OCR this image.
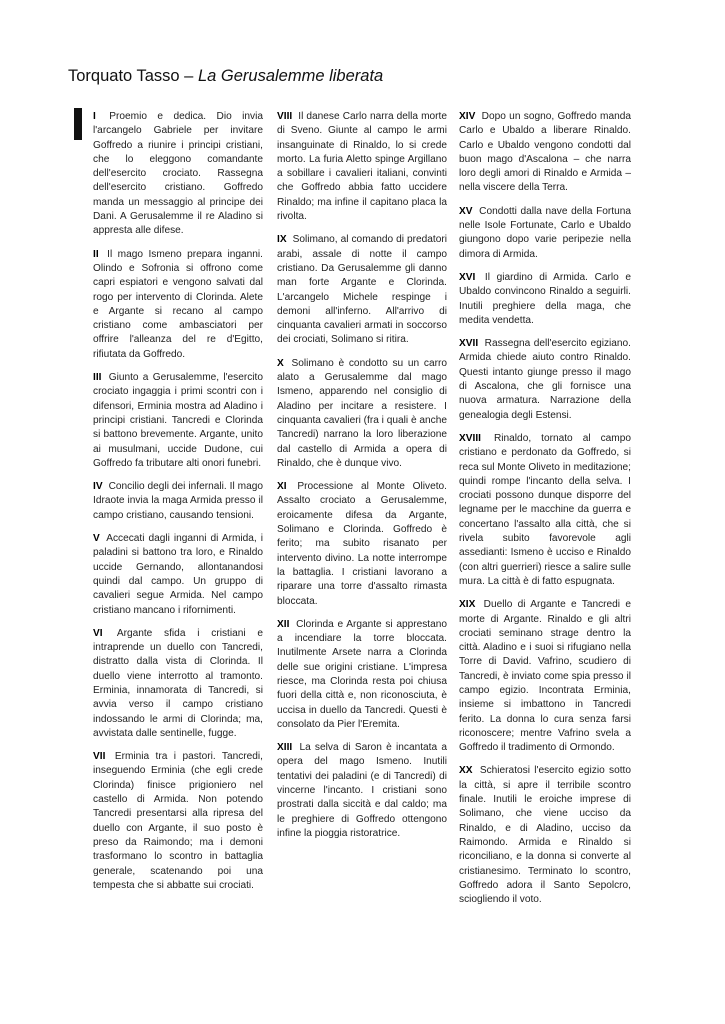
Torquato Tasso – La Gerusalemme liberata

I Proemio e dedica. Dio invia l'arcangelo Gabriele per invitare Goffredo a riunire i principi cristiani, che lo eleggono comandante dell'esercito crociato. Rassegna dell'esercito cristiano. Goffredo manda un messaggio al principe dei Dani. A Gerusalemme il re Aladino si appresta alle difese.

II Il mago Ismeno prepara inganni. Olindo e Sofronia si offrono come capri espiatori e vengono salvati dal rogo per intervento di Clorinda. Alete e Argante si recano al campo cristiano come ambasciatori per offrire l'alleanza del re d'Egitto, rifiutata da Goffredo.

III Giunto a Gerusalemme, l'esercito crociato ingaggia i primi scontri con i difensori, Erminia mostra ad Aladino i principi cristiani. Tancredi e Clorinda si battono brevemente. Argante, unito ai musulmani, uccide Dudone, cui Goffredo fa tributare alti onori funebri.

IV Concilio degli dei infernali. Il mago Idraote invia la maga Armida presso il campo cristiano, causando tensioni.

V Accecati dagli inganni di Armida, i paladini si battono tra loro, e Rinaldo uccide Gernando, allontanandosi quindi dal campo. Un gruppo di cavalieri segue Armida. Nel campo cristiano mancano i rifornimenti.

VI Argante sfida i cristiani e intraprende un duello con Tancredi, distratto dalla vista di Clorinda. Il duello viene interrotto al tramonto. Erminia, innamorata di Tancredi, si avvia verso il campo cristiano indossando le armi di Clorinda; ma, avvistata dalle sentinelle, fugge.

VII Erminia tra i pastori. Tancredi, inseguendo Erminia (che egli crede Clorinda) finisce prigioniero nel castello di Armida. Non potendo Tancredi presentarsi alla ripresa del duello con Argante, il suo posto è preso da Raimondo; ma i demoni trasformano lo scontro in battaglia generale, scatenando poi una tempesta che si abbatte sui crociati.

VIII Il danese Carlo narra della morte di Sveno. Giunte al campo le armi insanguinate di Rinaldo, lo si crede morto. La furia Aletto spinge Argillano a sobillare i cavalieri italiani, convinti che Goffredo abbia fatto uccidere Rinaldo; ma infine il capitano placa la rivolta.

IX Solimano, al comando di predatori arabi, assale di notte il campo cristiano. Da Gerusalemme gli danno man forte Argante e Clorinda. L'arcangelo Michele respinge i demoni all'inferno. All'arrivo di cinquanta cavalieri armati in soccorso dei crociati, Solimano si ritira.

X Solimano è condotto su un carro alato a Gerusalemme dal mago Ismeno, apparendo nel consiglio di Aladino per incitare a resistere. I cinquanta cavalieri (fra i quali è anche Tancredi) narrano la loro liberazione dal castello di Armida a opera di Rinaldo, che è dunque vivo.

XI Processione al Monte Oliveto. Assalto crociato a Gerusalemme, eroicamente difesa da Argante, Solimano e Clorinda. Goffredo è ferito; ma subito risanato per intervento divino. La notte interrompe la battaglia. I cristiani lavorano a riparare una torre d'assalto rimasta bloccata.

XII Clorinda e Argante si apprestano a incendiare la torre bloccata. Inutilmente Arsete narra a Clorinda delle sue origini cristiane. L'impresa riesce, ma Clorinda resta poi chiusa fuori della città e, non riconosciuta, è uccisa in duello da Tancredi. Questi è consolato da Pier l'Eremita.

XIII La selva di Saron è incantata a opera del mago Ismeno. Inutili tentativi dei paladini (e di Tancredi) di vincerne l'incanto. I cristiani sono prostrati dalla siccità e dal caldo; ma le preghiere di Goffredo ottengono infine la pioggia ristoratrice.

XIV Dopo un sogno, Goffredo manda Carlo e Ubaldo a liberare Rinaldo. Carlo e Ubaldo vengono condotti dal buon mago d'Ascalona – che narra loro degli amori di Rinaldo e Armida – nella viscere della Terra.

XV Condotti dalla nave della Fortuna nelle Isole Fortunate, Carlo e Ubaldo giungono dopo varie peripezie nella dimora di Armida.

XVI Il giardino di Armida. Carlo e Ubaldo convincono Rinaldo a seguirli. Inutili preghiere della maga, che medita vendetta.

XVII Rassegna dell'esercito egiziano. Armida chiede aiuto contro Rinaldo. Questi intanto giunge presso il mago di Ascalona, che gli fornisce una nuova armatura. Narrazione della genealogia degli Estensi.

XVIII Rinaldo, tornato al campo cristiano e perdonato da Goffredo, si reca sul Monte Oliveto in meditazione; quindi rompe l'incanto della selva. I crociati possono dunque disporre del legname per le macchine da guerra e concertano l'assalto alla città, che si rivela subito favorevole agli assedianti: Ismeno è ucciso e Rinaldo (con altri guerrieri) riesce a salire sulle mura. La città è di fatto espugnata.

XIX Duello di Argante e Tancredi e morte di Argante. Rinaldo e gli altri crociati seminano strage dentro la città. Aladino e i suoi si rifugiano nella Torre di David. Vafrino, scudiero di Tancredi, è inviato come spia presso il campo egizio. Incontrata Erminia, insieme si imbattono in Tancredi ferito. La donna lo cura senza farsi riconoscere; mentre Vafrino svela a Goffredo il tradimento di Ormondo.

XX Schieratosi l'esercito egizio sotto la città, si apre il terribile scontro finale. Inutili le eroiche imprese di Solimano, che viene ucciso da Rinaldo, e di Aladino, ucciso da Raimondo. Armida e Rinaldo si riconciliano, e la donna si converte al cristianesimo. Terminato lo scontro, Goffredo adora il Santo Sepolcro, sciogliendo il voto.
